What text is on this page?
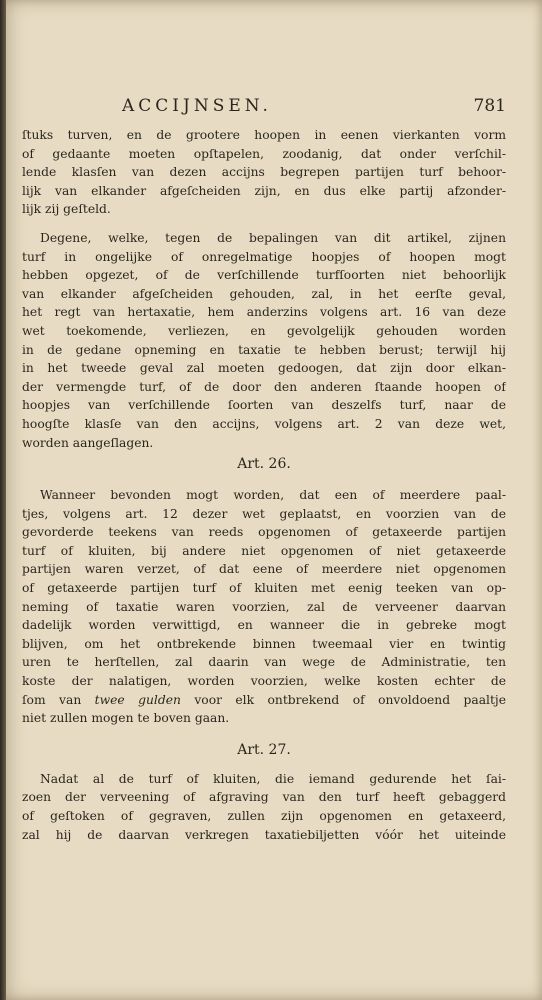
ACCIJNSEN.	781
ſtuks turven, en de grootere hoopen in eenen vierkanten vorm
of gedaante moeten opſtapelen, zoodanig, dat onder verſchil-
lende klasſen van dezen accijns begrepen partijen turf behoor-
lijk van elkander afgeſcheiden zijn, en dus elke partij afzonder-
lijk zij geſteld.
Degene, welke, tegen de bepalingen van dit artikel, zijnen
turf in ongelijke of onregelmatige hoopjes of hoopen mogt
hebben opgezet, of de verſchillende turfſoorten niet behoorlijk
van elkander afgeſcheiden gehouden, zal, in het eerſte geval,
het regt van hertaxatie, hem anderzins volgens art. 16 van deze
wet toekomende, verliezen, en gevolgelijk gehouden worden
in de gedane opneming en taxatie te hebben berust; terwijl hij
in het tweede geval zal moeten gedoogen, dat zijn door elkan-
der vermengde turf, of de door den anderen ſtaande hoopen of
hoopjes van verſchillende ſoorten van deszelfs turf, naar de
hoogſte klasſe van den accijns, volgens art. 2 van deze wet,
worden aangeſlagen.
Art. 26.
Wanneer bevonden mogt worden, dat een of meerdere paal-
tjes, volgens art. 12 dezer wet geplaatst, en voorzien van de
gevorderde teekens van reeds opgenomen of getaxeerde partijen
turf of kluiten, bij andere niet opgenomen of niet getaxeerde
partijen waren verzet, of dat eene of meerdere niet opgenomen
of getaxeerde partijen turf of kluiten met eenig teeken van op-
neming of taxatie waren voorzien, zal de verveener daarvan
dadelijk worden verwittigd, en wanneer die in gebreke mogt
blijven, om het ontbrekende binnen tweemaal vier en twintig
uren te herſtellen, zal daarin van wege de Administratie, ten
koste der nalatigen, worden voorzien, welke kosten echter de
ſom van twee gulden voor elk ontbrekend of onvoldoend paaltje
niet zullen mogen te boven gaan.
Art. 27.
Nadat al de turf of kluiten, die iemand gedurende het ſai-
zoen der verveening of afgraving van den turf heeft gebaggerd
of geſtoken of gegraven, zullen zijn opgenomen en getaxeerd,
zal hij de daarvan verkregen taxatiebiljetten vóór het uiteinde
